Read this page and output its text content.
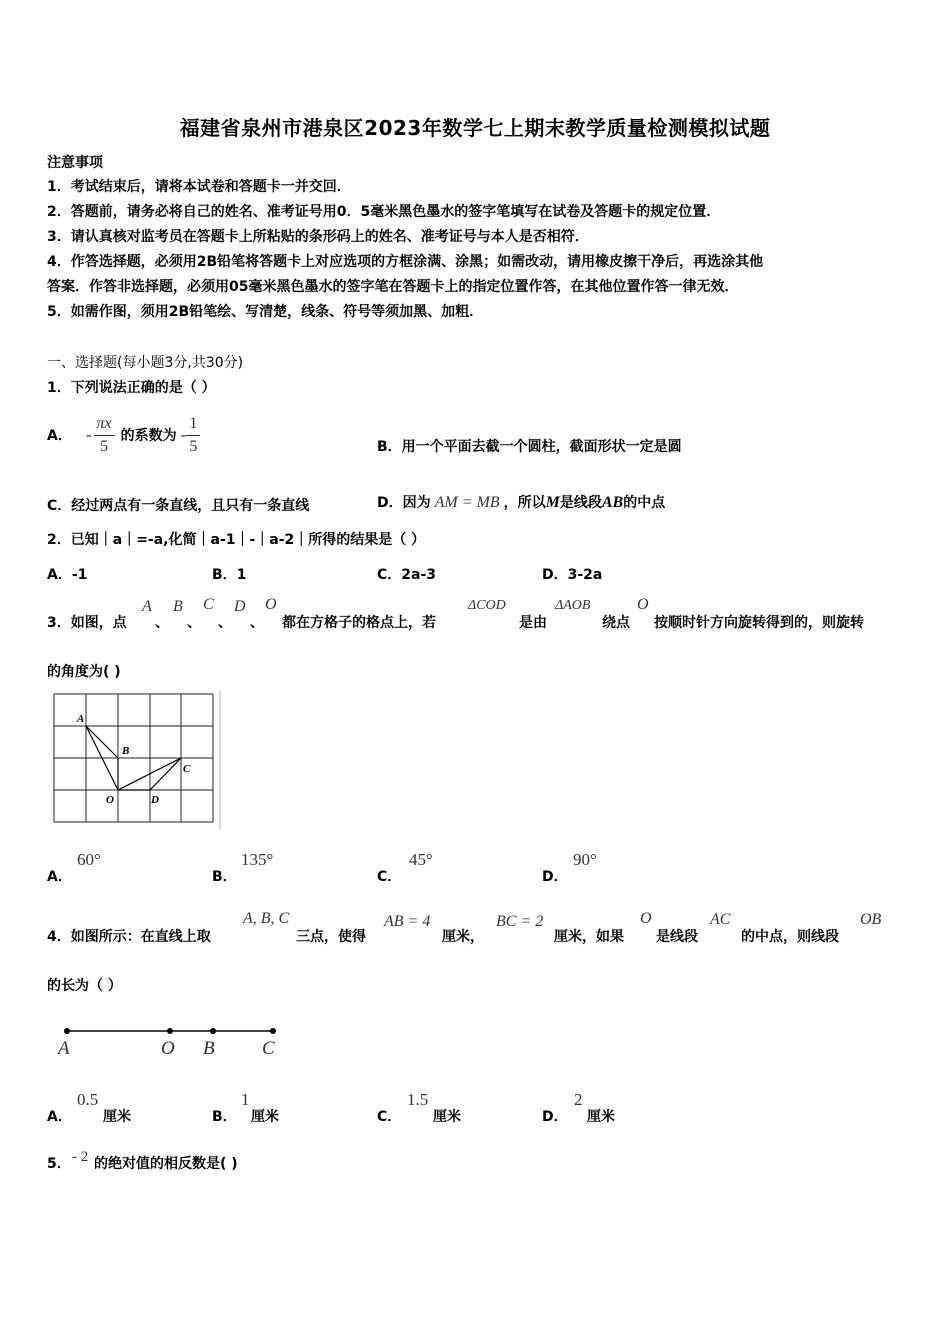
福建省泉州市港泉区2023年数学七上期末教学质量检测模拟试题
注意事项
1．考试结束后，请将本试卷和答题卡一并交回．
2．答题前，请务必将自己的姓名、准考证号用0．5毫米黑色墨水的签字笔填写在试卷及答题卡的规定位置．
3．请认真核对监考员在答题卡上所粘贴的条形码上的姓名、准考证号与本人是否相符．
4．作答选择题，必须用2B铅笔将答题卡上对应选项的方框涂满、涂黑；如需改动，请用橡皮擦干净后，再选涂其他
答案．作答非选择题，必须用05毫米黑色墨水的签字笔在答题卡上的指定位置作答，在其他位置作答一律无效．
5．如需作图，须用2B铅笔绘、写清楚，线条、符号等须加黑、加粗．
一、选择题(每小题3分,共30分)
1．下列说法正确的是（ ）
A． - $\frac{\pi x}{5}$ 的系数为 - $\frac{1}{5}$	B．用一个平面去截一个圆柱，截面形状一定是圆
C．经过两点有一条直线，且只有一条直线	D．因为 AM = MB ，所以M是线段AB的中点
2．已知｜a｜=-a,化简｜a-1｜-｜a-2｜所得的结果是（ ）
A．-1	B．1	C．2a-3	D．3-2a
3．如图，点
A
、
B
、
C
、
D
、
O
都在方格子的格点上，若
ΔCOD
是由
ΔAOB
绕点
O
按顺时针方向旋转得到的，则旋转
的角度为( )
A
B
C
O	D
A．
60°
B．
135°
C．
45°
D．
90°
4．如图所示：在直线上取
A, B, C
三点，使得
AB = 4
厘米，
BC = 2
厘米，如果
O
是线段
AC
的中点，则线段
OB
的长为（ ）
A	O B C
A．
0.5
厘米	B．
1
厘米	C．
1.5
厘米	D．
2
厘米
5． - 2 的绝对值的相反数是( )
